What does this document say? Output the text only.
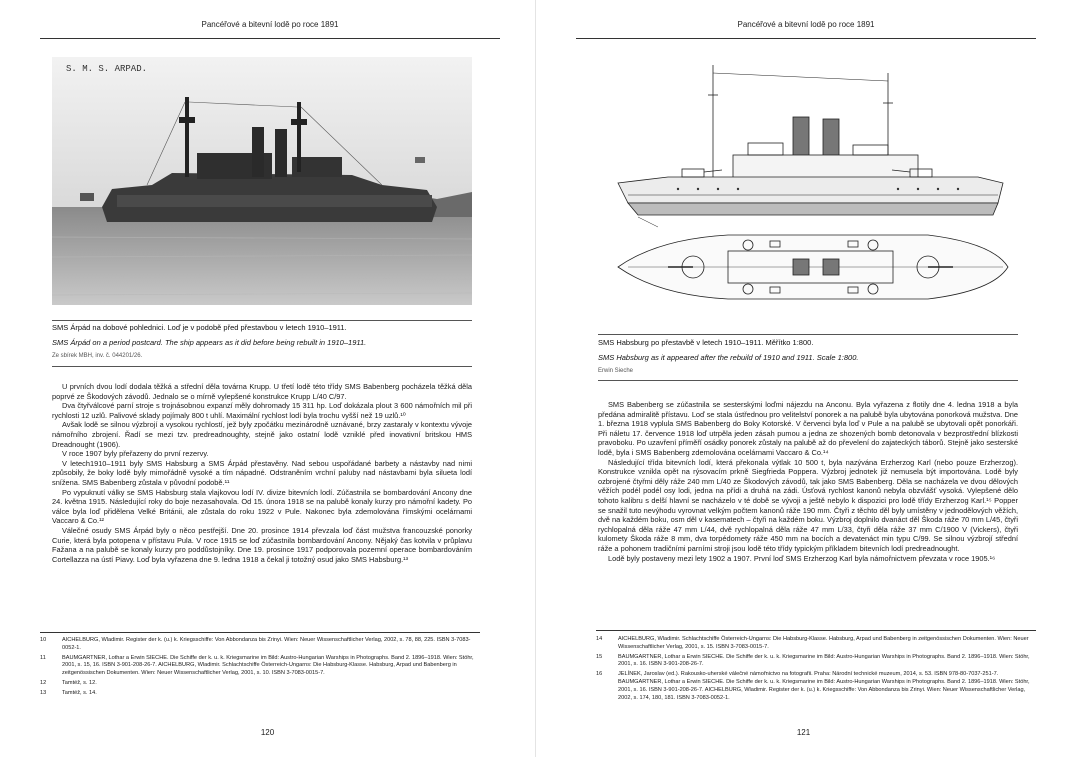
Pancéřové a bitevní lodě po roce 1891
S. M. S. ARPAD.
SMS Árpád na dobové pohlednici. Loď je v podobě před přestavbou v letech 1910–1911.
SMS Árpád on a period postcard. The ship appears as it did before being rebuilt in 1910–1911.
Ze sbírek MBH, inv. č. 044201/26.

U prvních dvou lodí dodala těžká a střední děla továrna Krupp. U třetí lodě této třídy SMS Babenberg pocházela těžká děla poprvé ze Škodových závodů. Jednalo se o mírně vylepšené konstrukce Krupp L/40 C/97.

Dva čtyřválcové parní stroje s trojnásobnou expanzí měly dohromady 15 311 hp. Loď dokázala plout 3 600 námořních mil při rychlosti 12 uzlů. Palivové sklady pojímaly 800 t uhlí. Maximální rychlost lodí byla trochu vyšší než 19 uzlů.¹⁰

Avšak lodě se silnou výzbrojí a vysokou rychlostí, jež byly zpočátku mezinárodně uznávané, brzy zastaraly v kontextu vývoje námořního zbrojení. Řadí se mezi tzv. predreadnoughty, stejně jako ostatní lodě vzniklé před inovativní britskou HMS Dreadnought (1906).

V roce 1907 byly přeřazeny do první rezervy.

V letech1910–1911 byly SMS Habsburg a SMS Árpád přestavěny. Nad sebou uspořádané barbety a nástavby nad nimi způsobily, že boky lodě byly mimořádně vysoké a tím nápadné. Odstraněním vrchní paluby nad nástavbami byla silueta lodí snížena. SMS Babenberg zůstala v původní podobě.¹¹

Po vypuknutí války se SMS Habsburg stala vlajkovou lodí IV. divize bitevních lodí. Zúčastnila se bombardování Ancony dne 24. května 1915. Následující roky do boje nezasahovala. Od 15. února 1918 se na palubě konaly kurzy pro námořní kadety. Po válce byla loď přidělena Velké Británii, ale zůstala do roku 1922 v Pule. Nakonec byla zdemolována římskými ocelárnami Vaccaro & Co.¹²

Válečné osudy SMS Árpád byly o něco pestřejší. Dne 20. prosince 1914 převzala loď část mužstva francouzské ponorky Curie, která byla potopena v přístavu Pula. V roce 1915 se loď zúčastnila bombardování Ancony. Nějaký čas kotvila v průplavu Fažana a na palubě se konaly kurzy pro poddůstojníky. Dne 19. prosince 1917 podporovala pozemní operace bombardováním Cortellazza na ústí Piavy. Loď byla vyřazena dne 9. ledna 1918 a čekal ji totožný osud jako SMS Habsburg.¹³

10	AICHELBURG, Wladimir. Register der k. (u.) k. Kriegsschiffe: Von Abbondanza bis Zrinyi. Wien: Neuer Wissenschaftlicher Verlag, 2002, s. 78, 88, 225. ISBN 3-7083-0052-1.
11	BAUMGARTNER, Lothar a Erwin SIECHE. Die Schiffe der k. u. k. Kriegsmarine im Bild: Austro-Hungarian Warships in Photographs. Band 2. 1896–1918. Wien: Stöhr, 2001, s. 15, 16. ISBN 3-901-208-26-7. AICHELBURG, Wladimir. Schlachtschiffe Österreich-Ungarns: Die Habsburg-Klasse. Habsburg, Arpad und Babenberg in zeitgenössischen Dokumenten. Wien: Neuer Wissenschaftlicher Verlag, 2001, s. 10. ISBN 3-7083-0015-7.
12	Tamtéž, s. 12.
13	Tamtéž, s. 14.
120
Pancéřové a bitevní lodě po roce 1891
SMS Habsburg po přestavbě v letech 1910–1911. Měřítko 1:800.
SMS Habsburg as it appeared after the rebuild of 1910 and 1911. Scale 1:800.
Erwin Sieche

SMS Babenberg se zúčastnila se sesterskými loďmi nájezdu na Anconu. Byla vyřazena z flotily dne 4. ledna 1918 a byla předána admiralitě přístavu. Loď se stala ústřednou pro velitelství ponorek a na palubě byla ubytována ponorková mužstva. Dne 1. března 1918 vyplula SMS Babenberg do Boky Kotorské. V červenci byla loď v Pule a na palubě se ubytovali opět ponorkáři. Při náletu 17. července 1918 loď utrpěla jeden zásah pumou a jedna ze shozených bomb detonovala v bezprostřední blízkosti pravoboku. Po uzavření příměří osádky ponorek zůstaly na palubě až do převelení do zajateckých táborů. Stejně jako sesterské lodě, byla i SMS Babenberg zdemolována ocelárnami Vaccaro & Co.¹⁴

Následující třída bitevních lodí, která překonala výtlak 10 500 t, byla nazývána Erzherzog Karl (nebo pouze Erzherzog). Konstrukce vznikla opět na rýsovacím prkně Siegfrieda Poppera. Výzbroj jednotek již nemusela být importována. Lodě byly ozbrojené čtyřmi děly ráže 240 mm L/40 ze Škodových závodů, tak jako SMS Babenberg. Děla se nacházela ve dvou dělových věžích podél podél osy lodi, jedna na přídi a druhá na zádi. Úsťová rychlost kanonů nebyla obzvlášť vysoká. Vylepšené dělo tohoto kalibru s delší hlavní se nacházelo v té době se vývoji a ještě nebylo k dispozici pro lodě třídy Erzherzog Karl.¹⁵ Popper se snažil tuto nevýhodu vyrovnat velkým počtem kanonů ráže 190 mm. Čtyři z těchto děl byly umístěny v jednodělových věžích, dvě na každém boku, osm děl v kasematech – čtyři na každém boku. Výzbroj doplnilo dvanáct děl Škoda ráže 70 mm L/45, čtyři rychlopalná děla ráže 47 mm L/44, dvě rychlopalná děla ráže 47 mm L/33, čtyři děla ráže 37 mm C/1900 V (Vickers), čtyři kulomety Škoda ráže 8 mm, dva torpédomety ráže 450 mm na bocích a devatenáct min typu C/99. Se silnou výzbrojí střední ráže a pohonem tradičními parními stroji jsou lodě této třídy typickým příkladem bitevních lodí predreadnought.

Lodě byly postaveny mezi lety 1902 a 1907. První loď SMS Erzherzog Karl byla námořnictvem převzata v roce 1905.¹⁶

14	AICHELBURG, Wladimir. Schlachtschiffe Österreich-Ungarns: Die Habsburg-Klasse. Habsburg, Arpad und Babenberg in zeitgenössischen Dokumenten. Wien: Neuer Wissenschaftlicher Verlag, 2001, s. 15. ISBN 3-7083-0015-7.
15	BAUMGARTNER, Lothar a Erwin SIECHE. Die Schiffe der k. u. k. Kriegsmarine im Bild: Austro-Hungarian Warships in Photographs. Band 2. 1896–1918. Wien: Stöhr, 2001, s. 16. ISBN 3-901-208-26-7.
16	JELÍNEK, Jaroslav (ed.). Rakousko-uherské válečné námořnictvo na fotografii. Praha: Národní technické muzeum, 2014, s. 53. ISBN 978-80-7037-251-7. BAUMGARTNER, Lothar a Erwin SIECHE. Die Schiffe der k. u. k. Kriegsmarine im Bild: Austro-Hungarian Warships in Photographs. Band 2. 1896–1918. Wien: Stöhr, 2001, s. 16. ISBN 3-901-208-26-7. AICHELBURG, Wladimir. Register der k. (u.) k. Kriegsschiffe: Von Abbondanza bis Zrinyi. Wien: Neuer Wissenschaftlicher Verlag, 2002, s. 174, 180, 181. ISBN 3-7083-0052-1.
121
